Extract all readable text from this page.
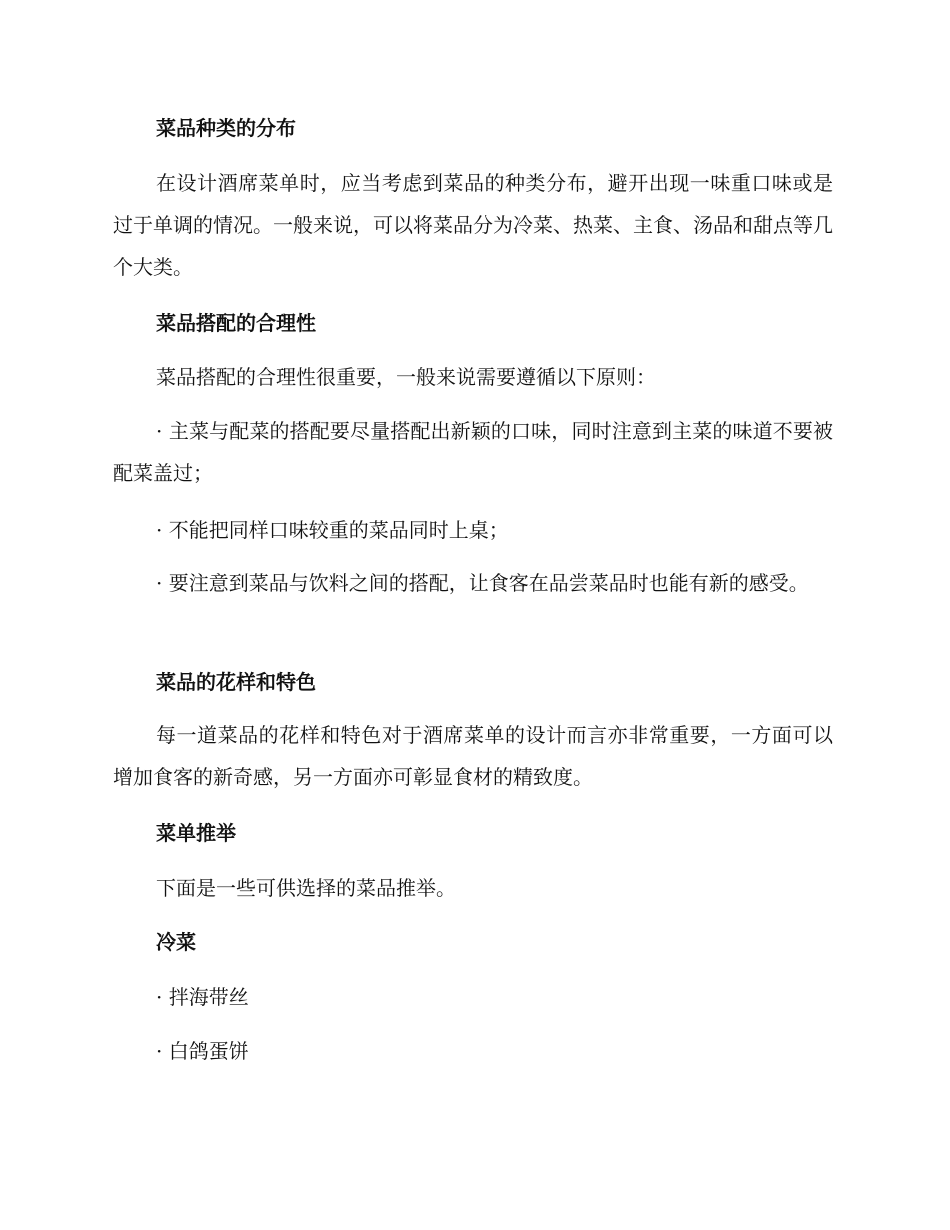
菜品种类的分布

在设计酒席菜单时，应当考虑到菜品的种类分布，避开出现一味重口味或是过于单调的情况。一般来说，可以将菜品分为冷菜、热菜、主食、汤品和甜点等几个大类。

菜品搭配的合理性

菜品搭配的合理性很重要，一般来说需要遵循以下原则：

· 主菜与配菜的搭配要尽量搭配出新颖的口味，同时注意到主菜的味道不要被配菜盖过；

· 不能把同样口味较重的菜品同时上桌；

· 要注意到菜品与饮料之间的搭配，让食客在品尝菜品时也能有新的感受。

菜品的花样和特色

每一道菜品的花样和特色对于酒席菜单的设计而言亦非常重要，一方面可以增加食客的新奇感，另一方面亦可彰显食材的精致度。

菜单推举

下面是一些可供选择的菜品推举。

冷菜

· 拌海带丝

· 白鸽蛋饼
